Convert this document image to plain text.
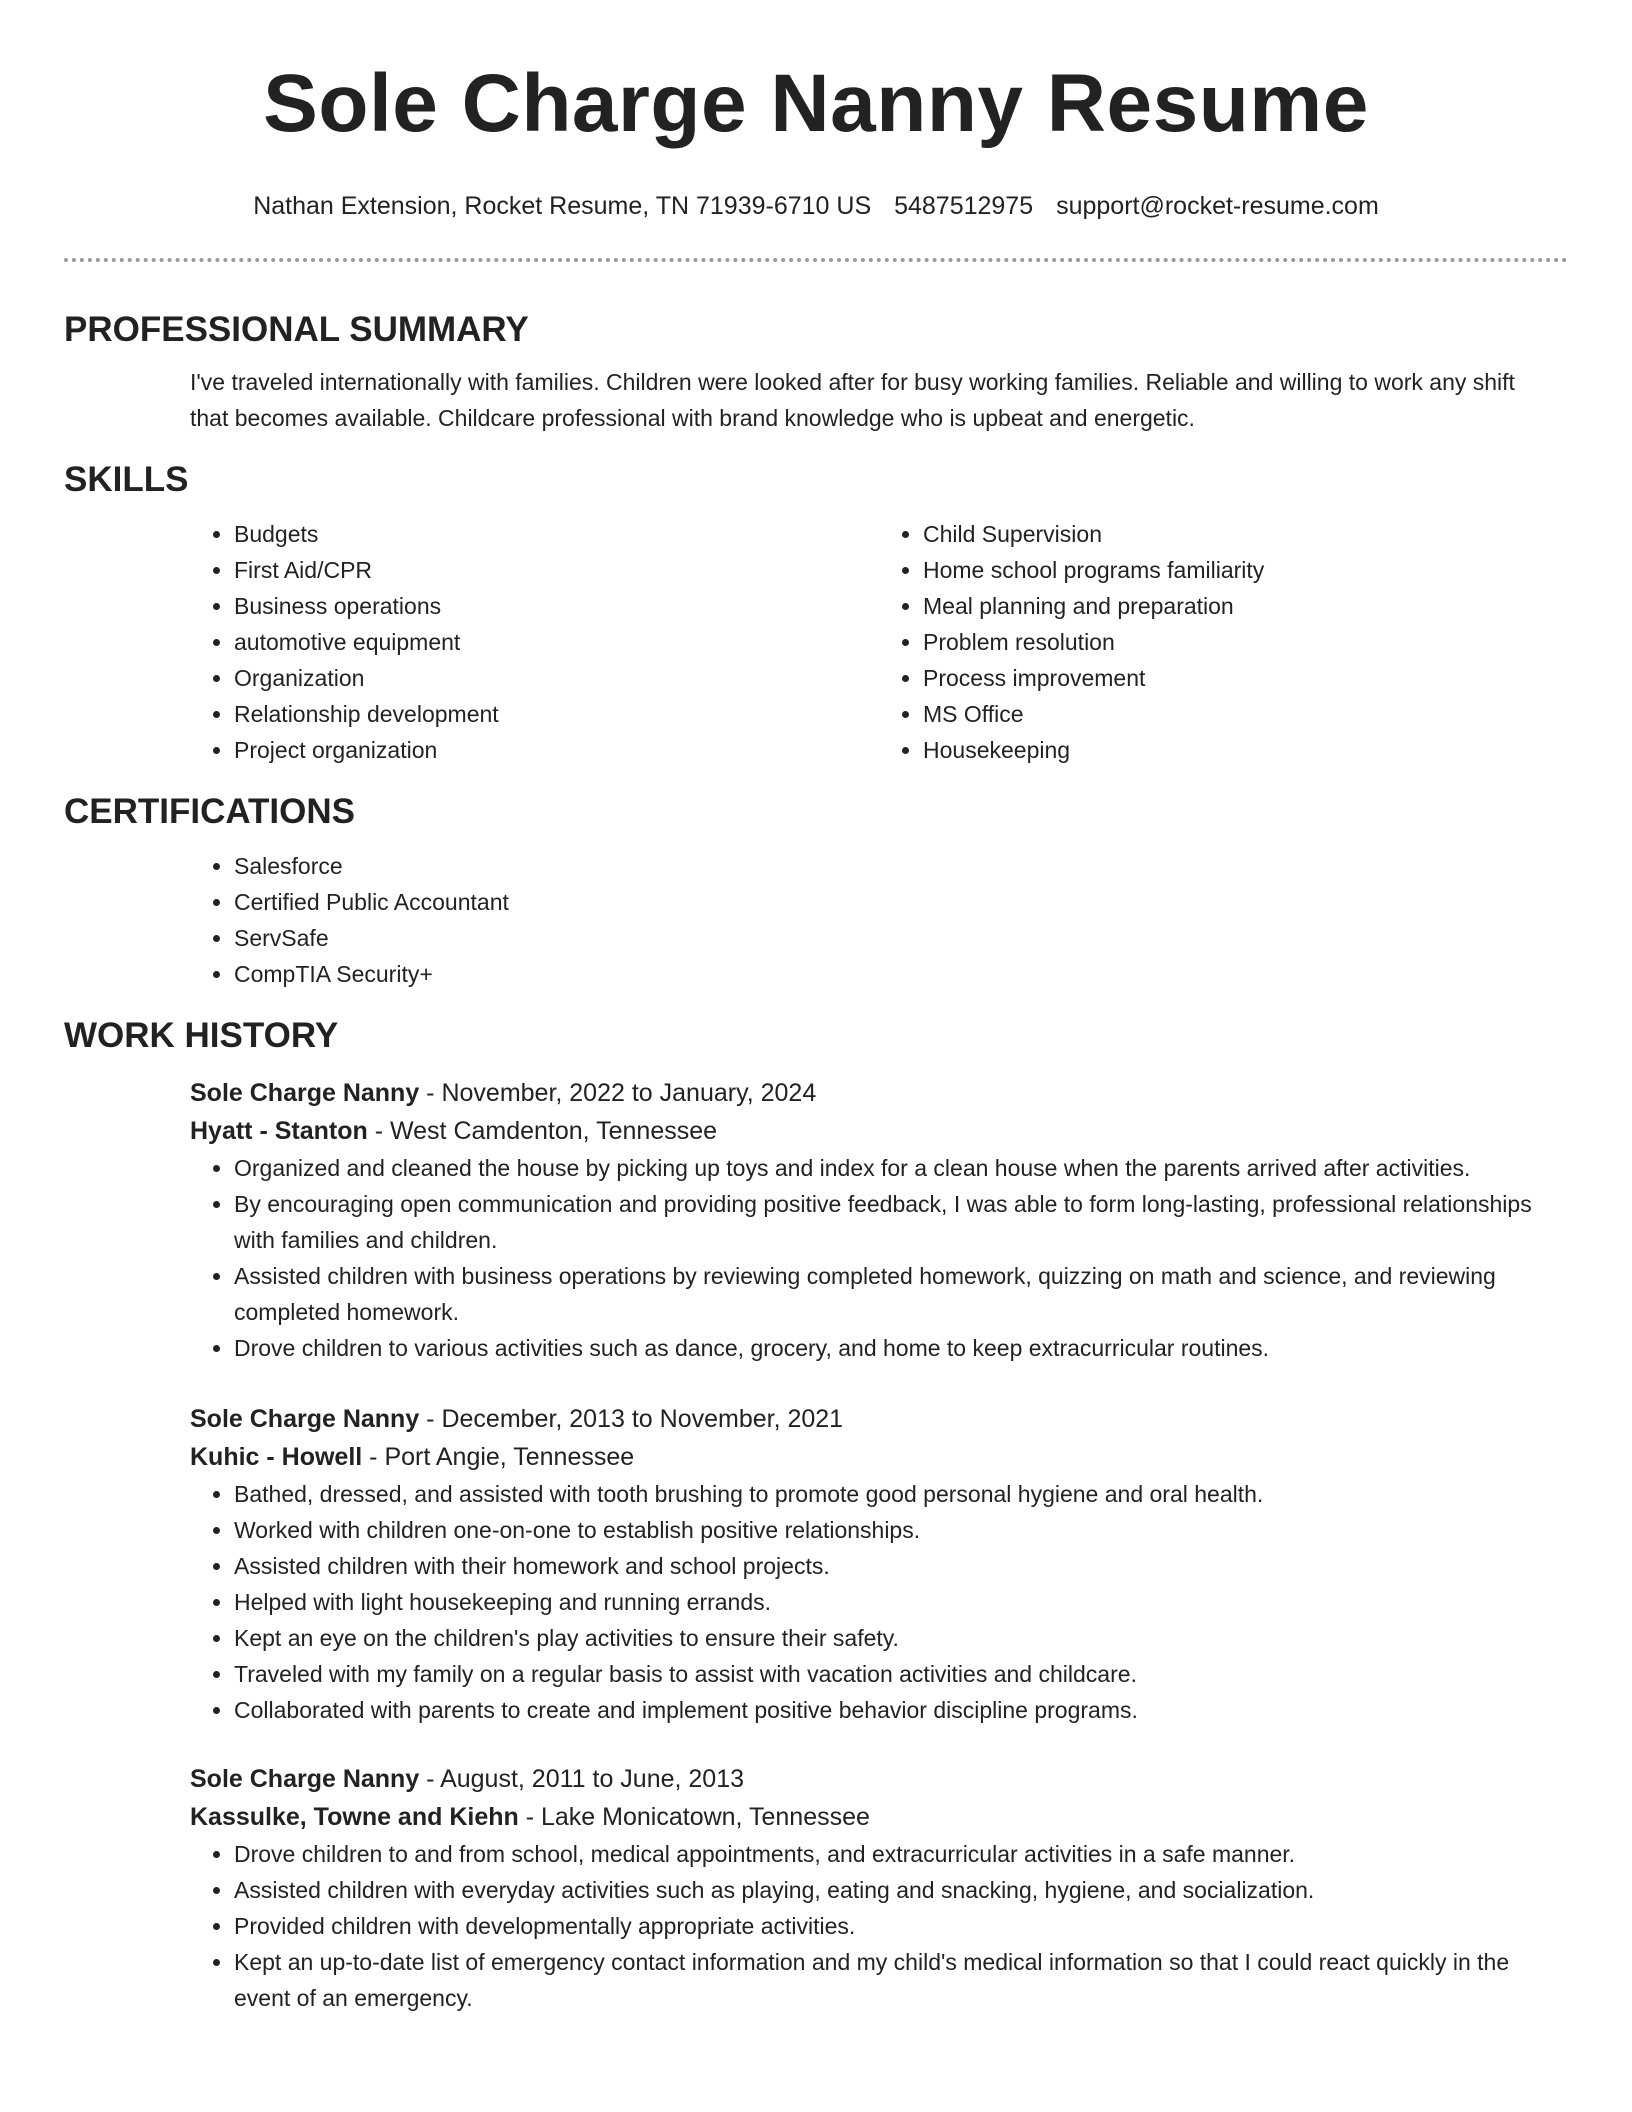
Sole Charge Nanny Resume
Nathan Extension, Rocket Resume, TN 71939-6710 US 5487512975 support@rocket-resume.com
PROFESSIONAL SUMMARY

I've traveled internationally with families. Children were looked after for busy working families. Reliable and willing to work any shift that becomes available. Childcare professional with brand knowledge who is upbeat and energetic.

SKILLS
• Budgets
• First Aid/CPR
• Business operations
• automotive equipment
• Organization
• Relationship development
• Project organization
• Child Supervision
• Home school programs familiarity
• Meal planning and preparation
• Problem resolution
• Process improvement
• MS Office
• Housekeeping
CERTIFICATIONS
• Salesforce
• Certified Public Accountant
• ServSafe
• CompTIA Security+
WORK HISTORY
Sole Charge Nanny - November, 2022 to January, 2024
Hyatt - Stanton - West Camdenton, Tennessee
• Organized and cleaned the house by picking up toys and index for a clean house when the parents arrived after activities.
• By encouraging open communication and providing positive feedback, I was able to form long-lasting, professional relationships with families and children.
• Assisted children with business operations by reviewing completed homework, quizzing on math and science, and reviewing completed homework.
• Drove children to various activities such as dance, grocery, and home to keep extracurricular routines.
Sole Charge Nanny - December, 2013 to November, 2021
Kuhic - Howell - Port Angie, Tennessee
• Bathed, dressed, and assisted with tooth brushing to promote good personal hygiene and oral health.
• Worked with children one-on-one to establish positive relationships.
• Assisted children with their homework and school projects.
• Helped with light housekeeping and running errands.
• Kept an eye on the children's play activities to ensure their safety.
• Traveled with my family on a regular basis to assist with vacation activities and childcare.
• Collaborated with parents to create and implement positive behavior discipline programs.
Sole Charge Nanny - August, 2011 to June, 2013
Kassulke, Towne and Kiehn - Lake Monicatown, Tennessee
• Drove children to and from school, medical appointments, and extracurricular activities in a safe manner.
• Assisted children with everyday activities such as playing, eating and snacking, hygiene, and socialization.
• Provided children with developmentally appropriate activities.
• Kept an up-to-date list of emergency contact information and my child's medical information so that I could react quickly in the event of an emergency.
